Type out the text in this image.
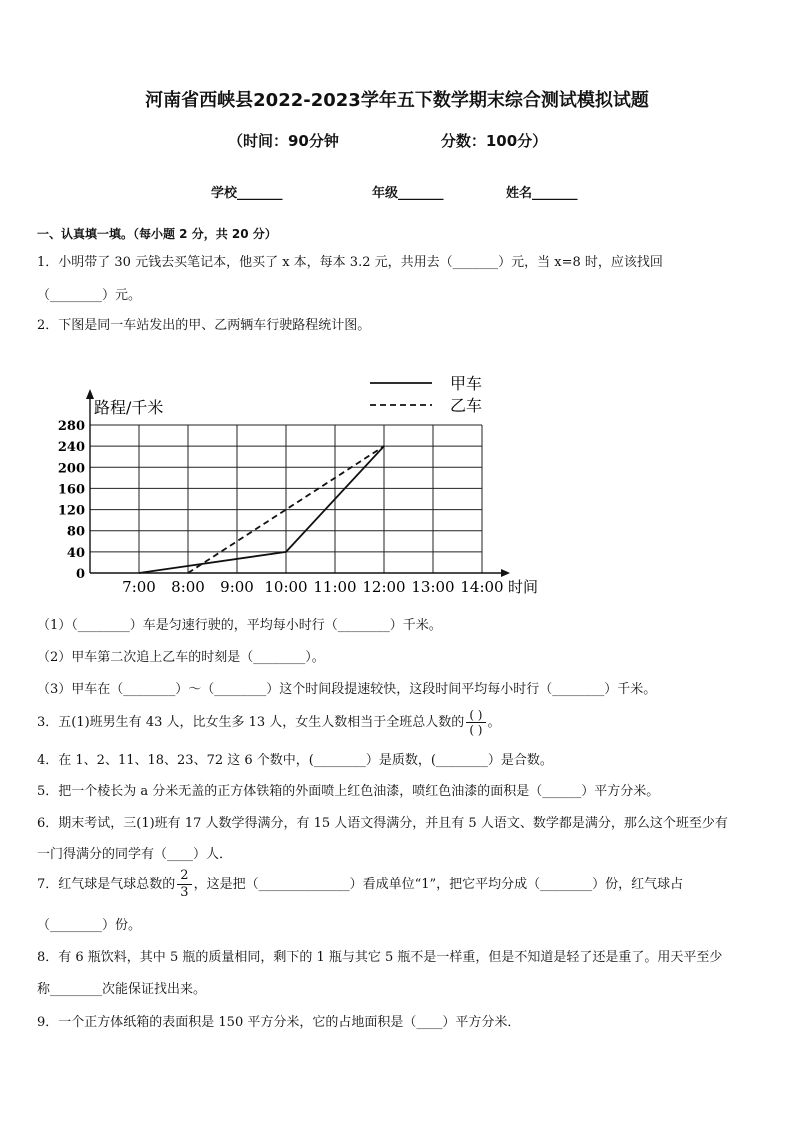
河南省西峡县2022-2023学年五下数学期末综合测试模拟试题
（时间：90分钟	分数：100分）
学校_______	年级_______	姓名_______
一、认真填一填。（每小题 2 分，共 20 分）
1．小明带了 30 元钱去买笔记本，他买了 x 本，每本 3.2 元，共用去（_______）元，当 x=8 时，应该找回
（________）元。
2．下图是同一车站发出的甲、乙两辆车行驶路程统计图。
路程/千米
时间
0
40
80
120
160
200
240
280
7:00 8:00 9:00 10:00 11:00 12:00 13:00 14:00
甲车
乙车
（1）（________）车是匀速行驶的，平均每小时行（________）千米。
（2）甲车第二次追上乙车的时刻是（________）。
（3）甲车在（________）～（________）这个时间段提速较快，这段时间平均每小时行（________）千米。
3．五(1)班男生有 43 人，比女生多 13 人，女生人数相当于全班总人数的 $\frac{( )}{( )}$ 。
4．在 1、2、11、18、23、72 这 6 个数中，(________）是质数，(________）是合数。
5．把一个棱长为 a 分米无盖的正方体铁箱的外面喷上红色油漆，喷红色油漆的面积是（______）平方分米。
6．期末考试，三(1)班有 17 人数学得满分，有 15 人语文得满分，并且有 5 人语文、数学都是满分，那么这个班至少有
一门得满分的同学有（____）人．
7．红气球是气球总数的 $\frac{2}{3}$ ，这是把（______________）看成单位“1”，把它平均分成（________）份，红气球占
（________）份。
8．有 6 瓶饮料，其中 5 瓶的质量相同，剩下的 1 瓶与其它 5 瓶不是一样重，但是不知道是轻了还是重了。用天平至少
称________次能保证找出来。
9．一个正方体纸箱的表面积是 150 平方分米，它的占地面积是（____）平方分米．
